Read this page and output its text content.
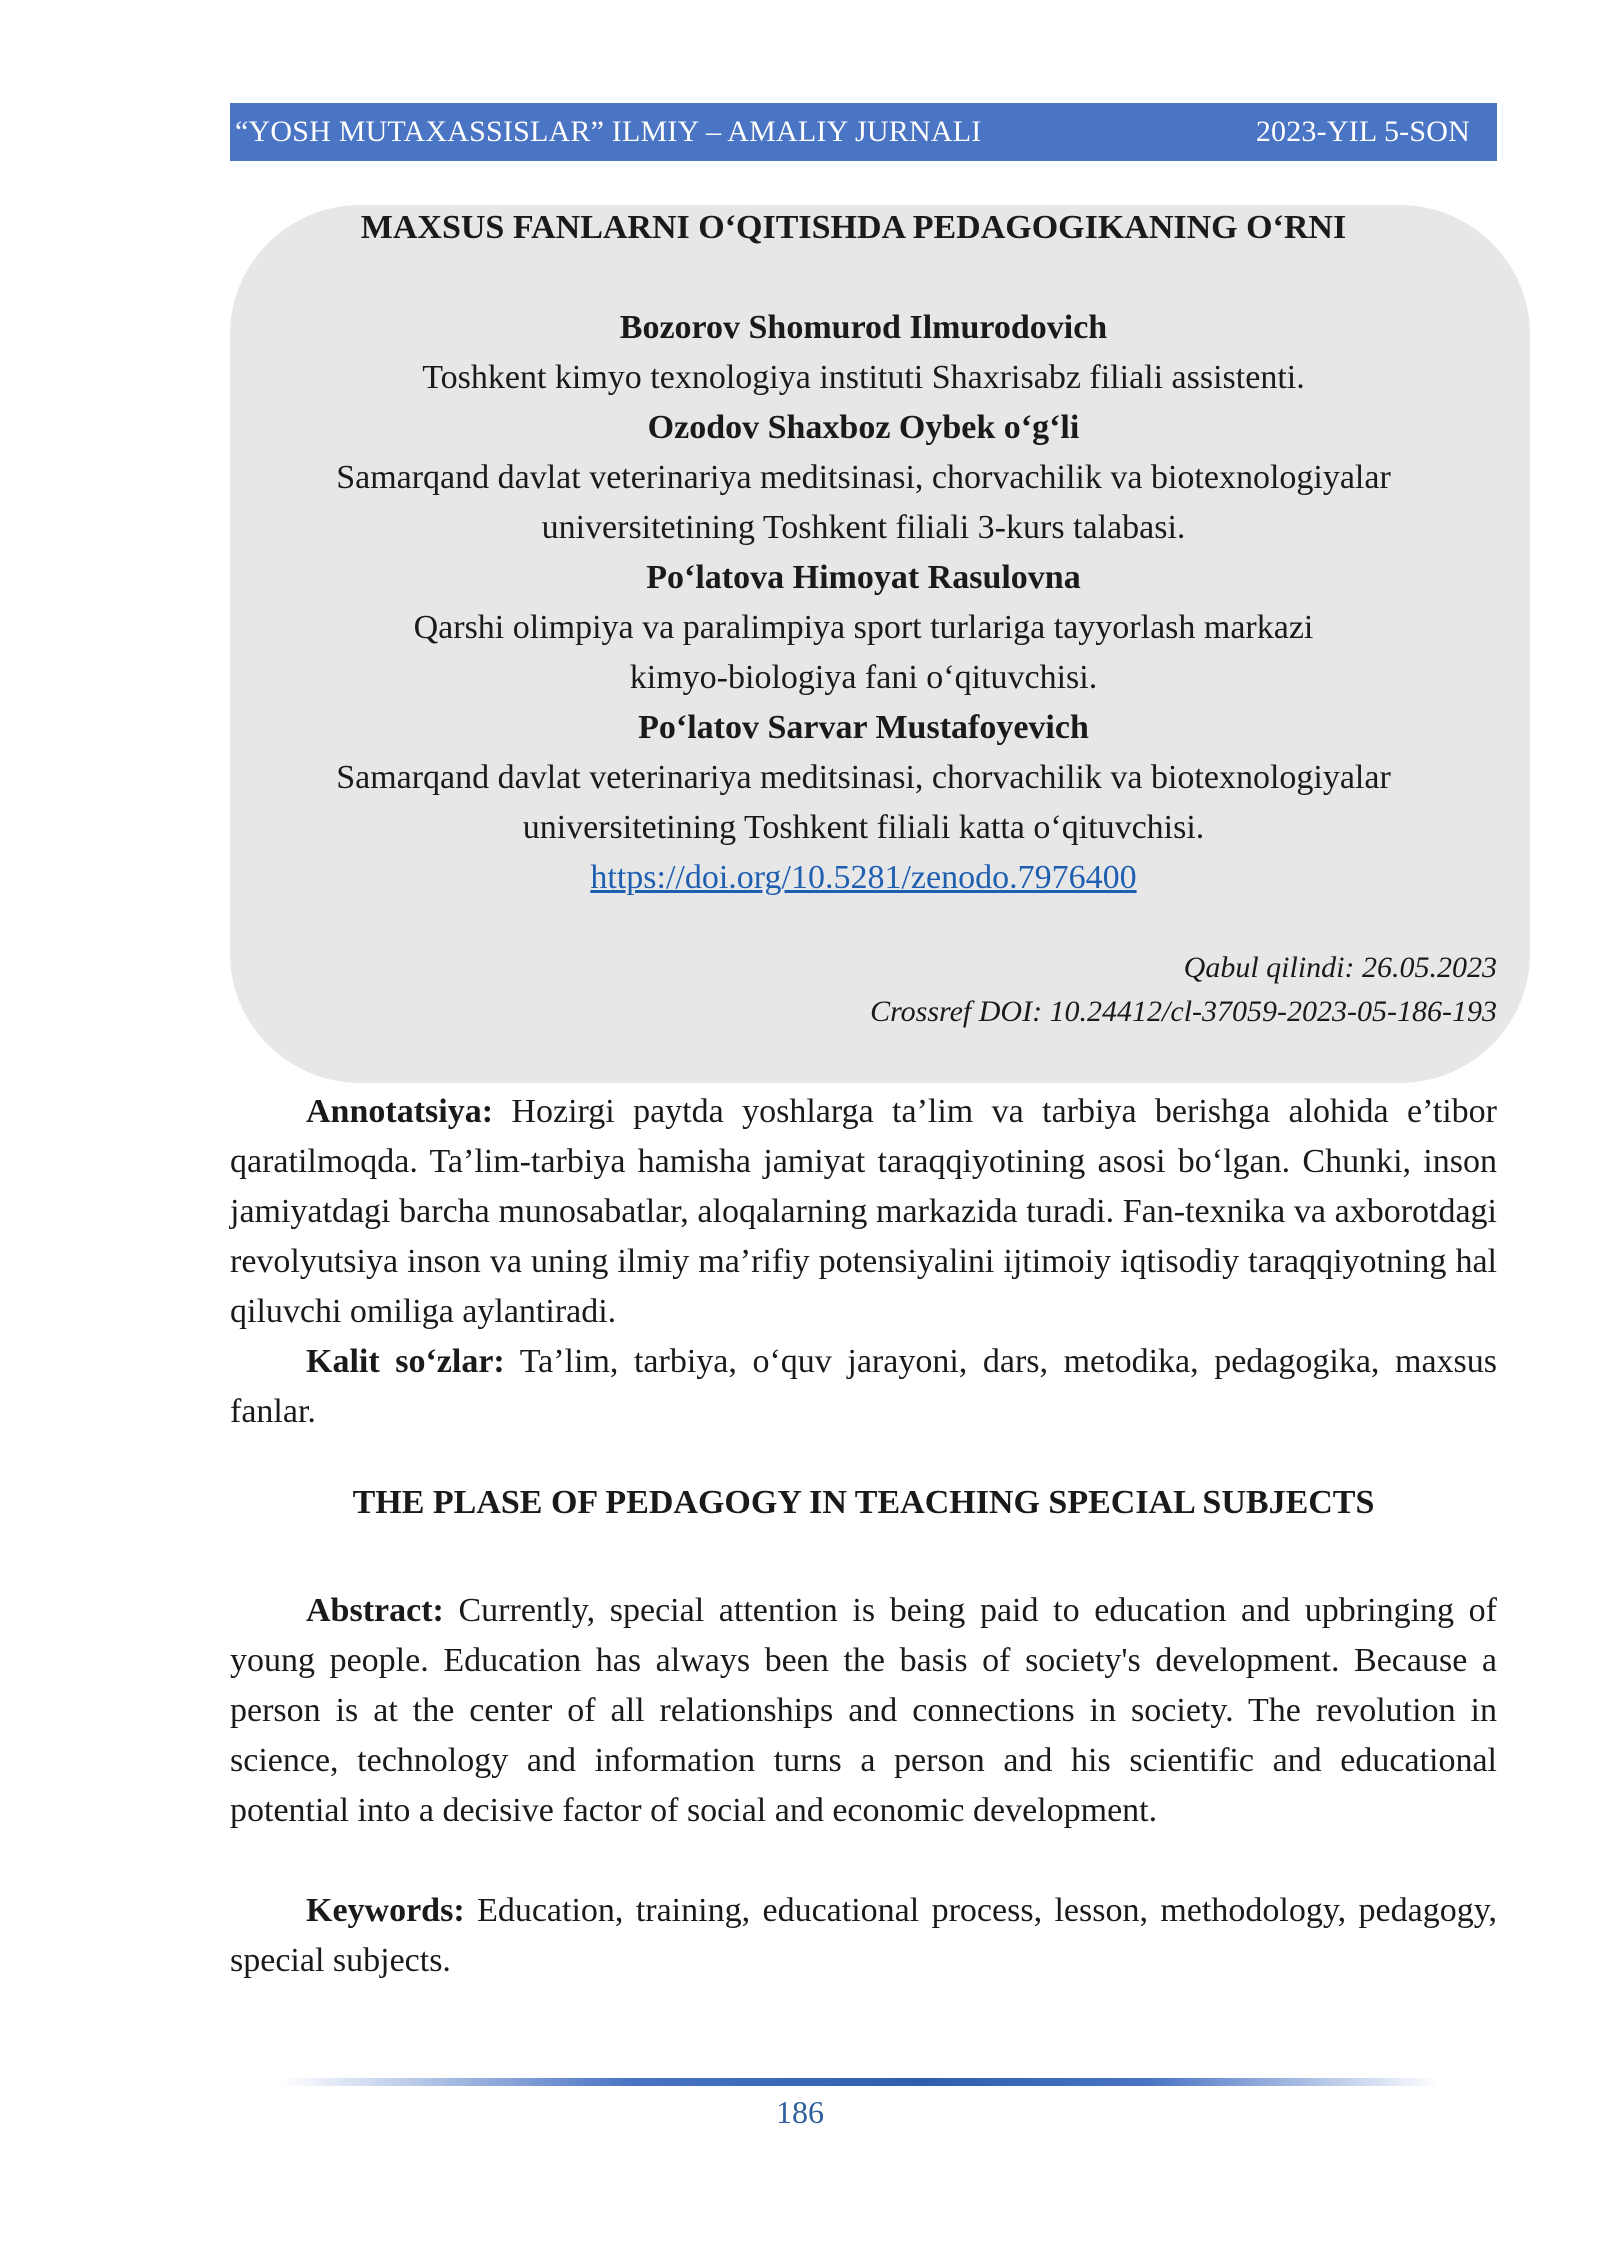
“YOSH MUTAXASSISLAR” ILMIY – AMALIY JURNALI	2023-YIL 5-SON
MAXSUS FANLARNI O‘QITISHDA PEDAGOGIKANING O‘RNI
Bozorov Shomurod Ilmurodovich
Toshkent kimyo texnologiya instituti Shaxrisabz filiali assistenti.
Ozodov Shaxboz Oybek o‘g‘li
Samarqand davlat veterinariya meditsinasi, chorvachilik va biotexnologiyalar
universitetining Toshkent filiali 3-kurs talabasi.
Po‘latova Himoyat Rasulovna
Qarshi olimpiya va paralimpiya sport turlariga tayyorlash markazi
kimyo-biologiya fani o‘qituvchisi.
Po‘latov Sarvar Mustafoyevich
Samarqand davlat veterinariya meditsinasi, chorvachilik va biotexnologiyalar
universitetining Toshkent filiali katta o‘qituvchisi.
https://doi.org/10.5281/zenodo.7976400
Qabul qilindi: 26.05.2023
Crossref DOI: 10.24412/cl-37059-2023-05-186-193

Annotatsiya: Hozirgi paytda yoshlarga ta’lim va tarbiya berishga alohida e’tibor qaratilmoqda. Ta’lim-tarbiya hamisha jamiyat taraqqiyotining asosi bo‘lgan. Chunki, inson jamiyatdagi barcha munosabatlar, aloqalarning markazida turadi. Fan-texnika va axborotdagi revolyutsiya inson va uning ilmiy ma’rifiy potensiyalini ijtimoiy iqtisodiy taraqqiyotning hal qiluvchi omiliga aylantiradi.

Kalit so‘zlar: Ta’lim, tarbiya, o‘quv jarayoni, dars, metodika, pedagogika, maxsus fanlar.

THE PLASE OF PEDAGOGY IN TEACHING SPECIAL SUBJECTS

Abstract: Currently, special attention is being paid to education and upbringing of young people. Education has always been the basis of society's development. Because a person is at the center of all relationships and connections in society. The revolution in science, technology and information turns a person and his scientific and educational potential into a decisive factor of social and economic development.

Keywords: Education, training, educational process, lesson, methodology, pedagogy, special subjects.

186
